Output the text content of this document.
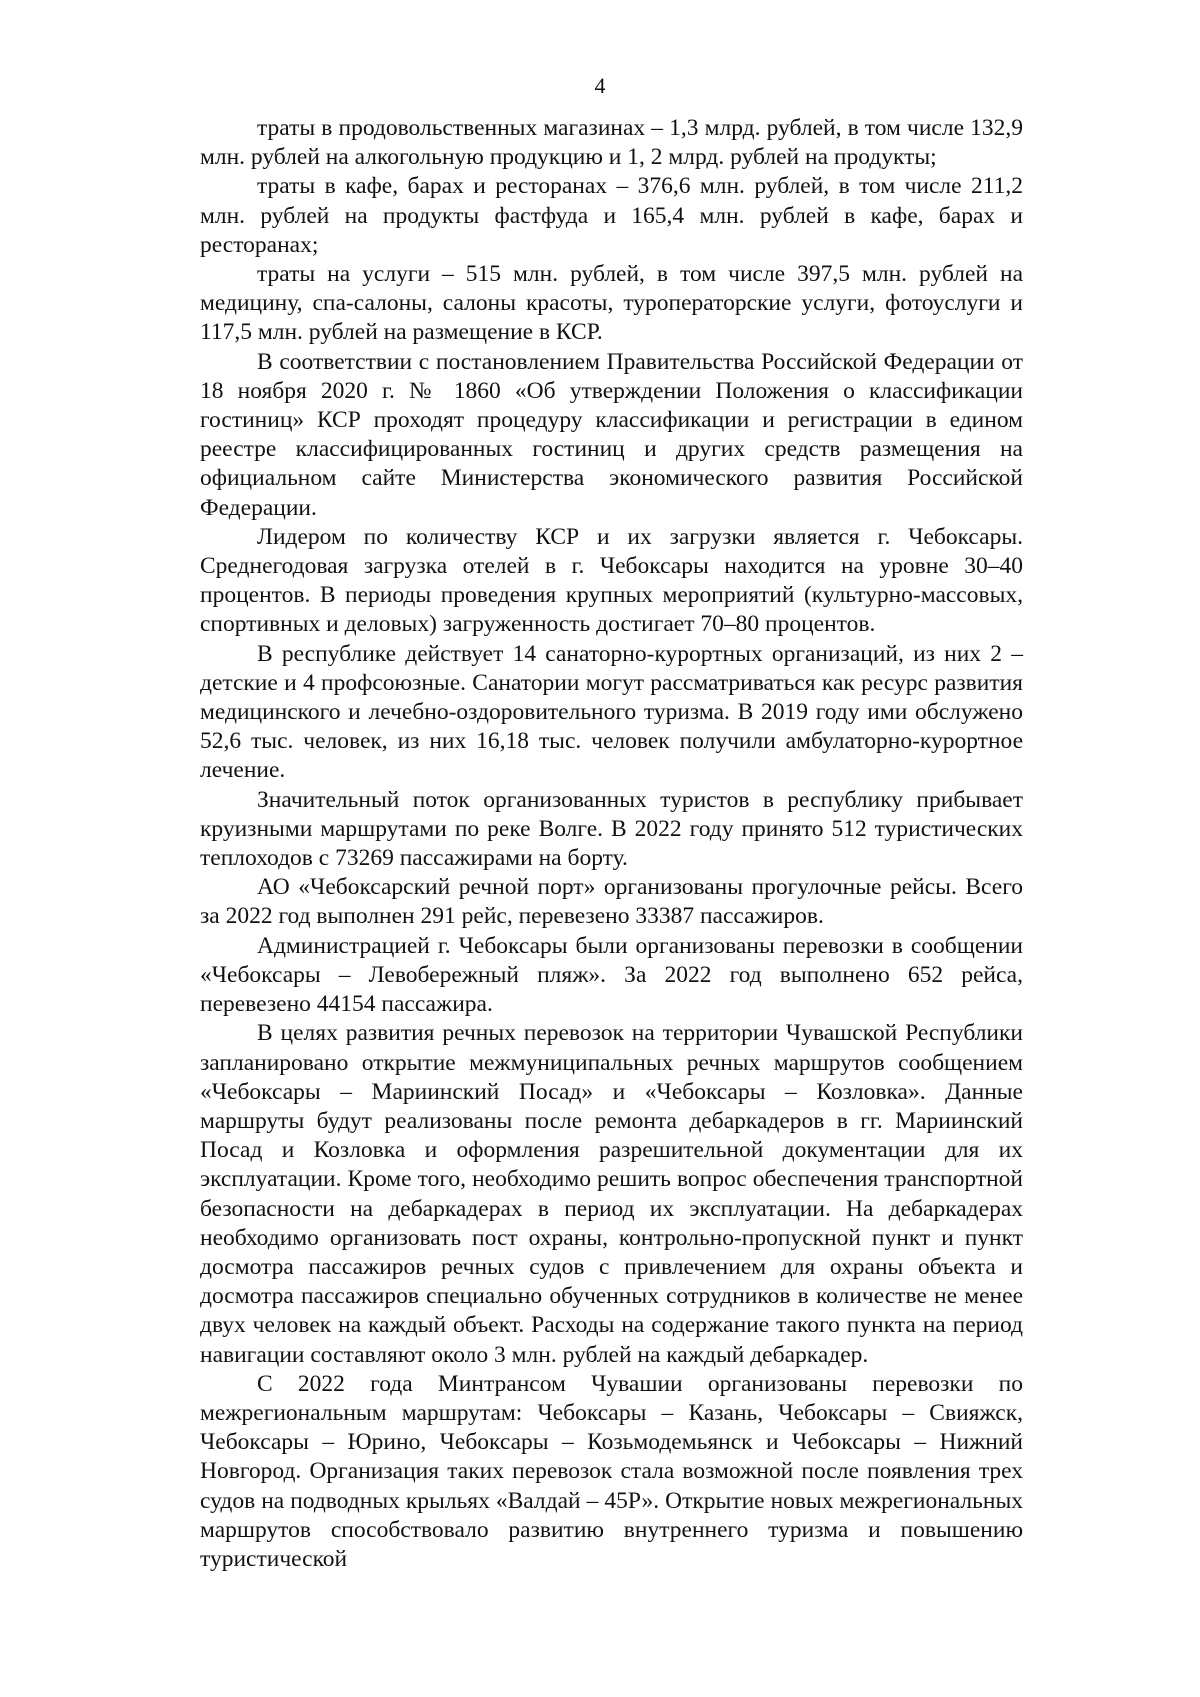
4

траты в продовольственных магазинах – 1,3 млрд. рублей, в том числе 132,9 млн. рублей на алкогольную продукцию и 1, 2 млрд. рублей на продукты;

траты в кафе, барах и ресторанах – 376,6 млн. рублей, в том числе 211,2 млн. рублей на продукты фастфуда и 165,4 млн. рублей в кафе, барах и ресторанах;

траты на услуги – 515 млн. рублей, в том числе 397,5 млн. рублей на медицину, спа-салоны, салоны красоты, туроператорские услуги, фотоуслуги и 117,5 млн. рублей на размещение в КСР.

В соответствии с постановлением Правительства Российской Федерации от 18 ноября 2020 г. № 1860 «Об утверждении Положения о классификации гостиниц» КСР проходят процедуру классификации и регистрации в едином реестре классифицированных гостиниц и других средств размещения на официальном сайте Министерства экономического развития Российской Федерации.

Лидером по количеству КСР и их загрузки является г. Чебоксары. Среднегодовая загрузка отелей в г. Чебоксары находится на уровне 30–40 процентов. В периоды проведения крупных мероприятий (культурно-массовых, спортивных и деловых) загруженность достигает 70–80 процентов.

В республике действует 14 санаторно-курортных организаций, из них 2 – детские и 4 профсоюзные. Санатории могут рассматриваться как ресурс развития медицинского и лечебно-оздоровительного туризма. В 2019 году ими обслужено 52,6 тыс. человек, из них 16,18 тыс. человек получили амбулаторно-курортное лечение.

Значительный поток организованных туристов в республику прибывает круизными маршрутами по реке Волге. В 2022 году принято 512 туристических теплоходов с 73269 пассажирами на борту.

АО «Чебоксарский речной порт» организованы прогулочные рейсы. Всего за 2022 год выполнен 291 рейс, перевезено 33387 пассажиров.

Администрацией г. Чебоксары были организованы перевозки в сообщении «Чебоксары – Левобережный пляж». За 2022 год выполнено 652 рейса, перевезено 44154 пассажира.

В целях развития речных перевозок на территории Чувашской Республики запланировано открытие межмуниципальных речных маршрутов сообщением «Чебоксары – Мариинский Посад» и «Чебоксары – Козловка». Данные маршруты будут реализованы после ремонта дебаркадеров в гг. Мариинский Посад и Козловка и оформления разрешительной документации для их эксплуатации. Кроме того, необходимо решить вопрос обеспечения транспортной безопасности на дебаркадерах в период их эксплуатации. На дебаркадерах необходимо организовать пост охраны, контрольно-пропускной пункт и пункт досмотра пассажиров речных судов с привлечением для охраны объекта и досмотра пассажиров специально обученных сотрудников в количестве не менее двух человек на каждый объект. Расходы на содержание такого пункта на период навигации составляют около 3 млн. рублей на каждый дебаркадер.

С 2022 года Минтрансом Чувашии организованы перевозки по межрегиональным маршрутам: Чебоксары – Казань, Чебоксары – Свияжск, Чебоксары – Юрино, Чебоксары – Козьмодемьянск и Чебоксары – Нижний Новгород. Организация таких перевозок стала возможной после появления трех судов на подводных крыльях «Валдай – 45Р». Открытие новых межрегиональных маршрутов способствовало развитию внутреннего туризма и повышению туристической
